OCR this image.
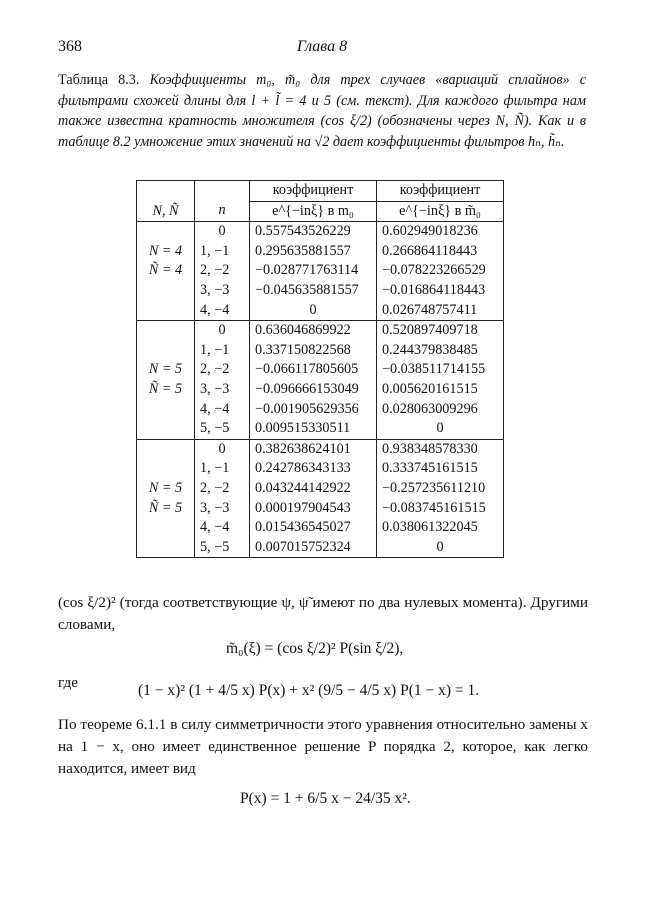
368	Глава 8
Таблица 8.3. Коэффициенты m₀, m̃₀ для трех случаев «вариаций сплайнов» с фильтрами схожей длины для l + l̃ = 4 и 5 (см. текст). Для каждого фильтра нам также известна кратность множителя (cos ξ/2) (обозначены через N, Ñ). Как и в таблице 8.2 умножение этих значений на √2 дает коэффициенты фильтров hₙ, h̃ₙ.
		коэффициент	коэффициент
N, Ñ	n	e^{−inξ} в m₀	e^{−inξ} в m̃₀
	0	0.557543526229	0.602949018236
N = 4	1, −1	0.295635881557	0.266864118443
Ñ = 4	2, −2	−0.028771763114	−0.078223266529
	3, −3	−0.045635881557	−0.016864118443
	4, −4	0	0.026748757411
	0	0.636046869922	0.520897409718
	1, −1	0.337150822568	0.244379838485
N = 5	2, −2	−0.066117805605	−0.038511714155
Ñ = 5	3, −3	−0.096666153049	0.005620161515
	4, −4	−0.001905629356	0.028063009296
	5, −5	0.009515330511	0
	0	0.382638624101	0.938348578330
	1, −1	0.242786343133	0.333745161515
N = 5	2, −2	0.043244142922	−0.257235611210
Ñ = 5	3, −3	0.000197904543	−0.083745161515
	4, −4	0.015436545027	0.038061322045
	5, −5	0.007015752324	0
(cos ξ/2)² (тогда соответствующие ψ, ψ̃ имеют по два нулевых момента). Другими словами,
m̃₀(ξ) = (cos ξ/2)² P(sin ξ/2),
где	(1 − x)² (1 + 4/5 x) P(x) + x² (9/5 − 4/5 x) P(1 − x) = 1.
По теореме 6.1.1 в силу симметричности этого уравнения относительно замены x на 1 − x, оно имеет единственное решение P порядка 2, которое, как легко находится, имеет вид
P(x) = 1 + 6/5 x − 24/35 x².
